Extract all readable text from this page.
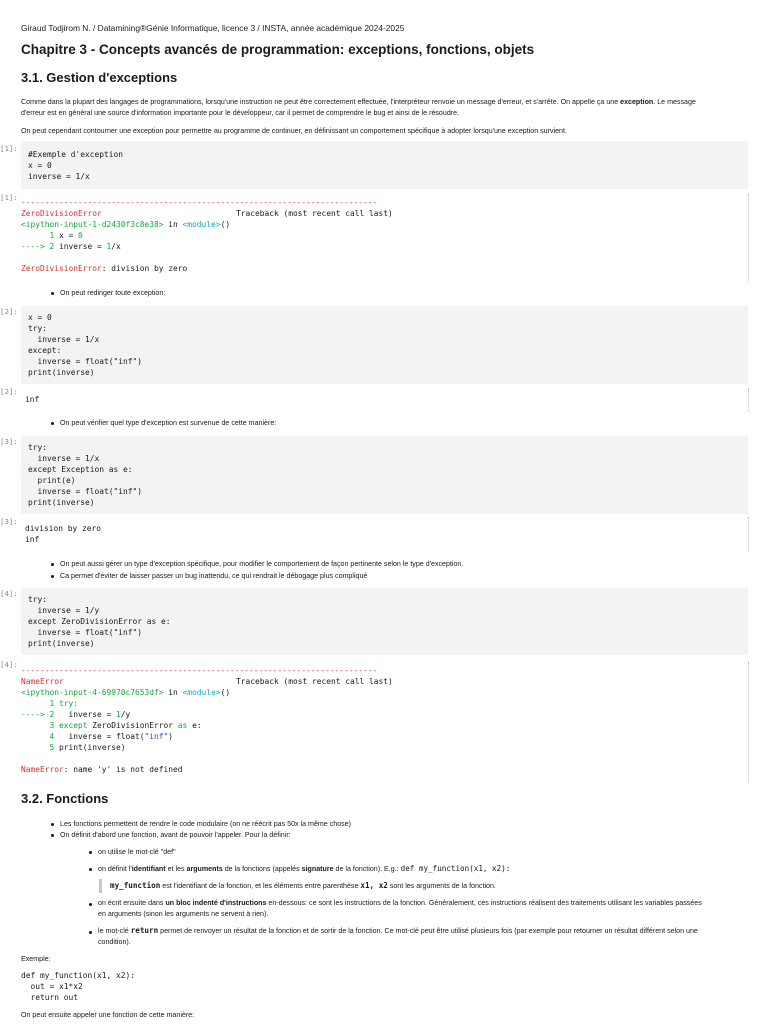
Giraud Todjirom N. / Datamining®Génie Informatique, licence 3 / INSTA, année académique 2024-2025
Chapitre 3 - Concepts avancés de programmation: exceptions, fonctions, objets
3.1. Gestion d'exceptions
Comme dans la plupart des langages de programmations, lorsqu'une instruction ne peut être correctement effectuée, l'interpréteur renvoie un message d'erreur, et s'arrête. On appelle ça une exception. Le message
d'erreur est en général une source d'information importante pour le développeur, car il permet de comprendre le bug et ainsi de le résoudre.
On peut cependant contourner une exception pour permettre au programme de continuer, en définissant un comportement spécifique à adopter lorsqu'une exception survient.
[1]:
#Exemple d'exception
x = 0
inverse = 1/x
[1]:
---------------------------------------------------------------------------
ZeroDivisionError	Traceback (most recent call last)
<ipython-input-1-d2430f3c8e38> in <module>()
1 x = 0
----> 2 inverse = 1/x
ZeroDivisionError: division by zero
On peut rediriger toute exception:
[2]:
x = 0
try:
inverse = 1/x
except:
inverse = float("inf")
print(inverse)
[2]:
inf
On peut vérifier quel type d'exception est survenue de cette manière:
[3]:
try:
inverse = 1/x
except Exception as e:
print(e)
inverse = float("inf")
print(inverse)
[3]:
division by zero
inf
On peut aussi gérer un type d'exception spécifique, pour modifier le comportement de façon pertinente selon le type d'exception.
Ca permet d'éviter de laisser passer un bug inattendu, ce qui rendrait le débogage plus compliqué
[4]:
try:
inverse = 1/y
except ZeroDivisionError as e:
inverse = float("inf")
print(inverse)
[4]:
---------------------------------------------------------------------------
NameError	Traceback (most recent call last)
<ipython-input-4-69970c7653df> in <module>()
1 try:
----> 2   inverse = 1/y
3 except ZeroDivisionError as e:
4   inverse = float("inf")
5 print(inverse)
NameError: name 'y' is not defined
3.2. Fonctions
Les fonctions permettent de rendre le code modulaire (on ne réécrit pas 50x la même chose)
On définit d'abord une fonction, avant de pouvoir l'appeler. Pour la définir:
on utilise le mot-clé "def"
on définit l'identifiant et les arguments de la fonctions (appelés signature de la fonction). E.g.: def my_function(x1, x2):
my_function est l'identifiant de la fonction, et les éléments entre parenthèse x1, x2 sont les arguments de la fonction.
on écrit ensuite dans un bloc indenté d'instructions en-dessous: ce sont les instructions de la fonction. Généralement, ces instructions réalisent des traitements utilisant les variables passées
en arguments (sinon les arguments ne servent à rien).
le mot-clé return permet de renvoyer un résultat de la fonction et de sortir de la fonction. Ce mot-clé peut être utilisé plusieurs fois (par exemple pour retourner un résultat différent selon une
condition).
Exemple:
def my_function(x1, x2):
out = x1*x2
return out
On peut ensuite appeler une fonction de cette manière:
